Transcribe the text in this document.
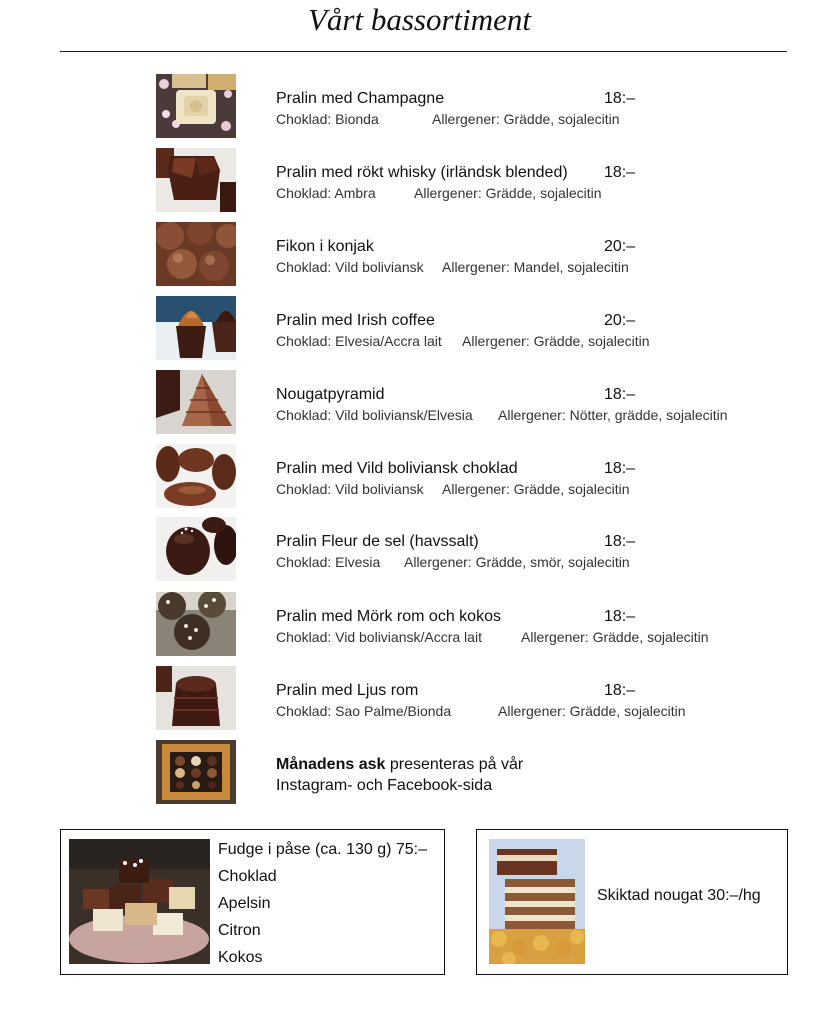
Vårt bassortiment
Pralin med Champagne	18:–
Choklad: Bionda	Allergener: Grädde, sojalecitin
Pralin med rökt whisky (irländsk blended) 18:–
Choklad: Ambra	Allergener: Grädde, sojalecitin
Fikon i konjak	20:–
Choklad: Vild boliviansk Allergener: Mandel, sojalecitin
Pralin med Irish coffee	20:–
Choklad: Elvesia/Accra lait Allergener: Grädde, sojalecitin
Nougatpyramid	18:–
Choklad: Vild boliviansk/Elvesia Allergener: Nötter, grädde, sojalecitin
Pralin med Vild boliviansk choklad	18:–
Choklad: Vild boliviansk Allergener: Grädde, sojalecitin
Pralin Fleur de sel (havssalt)	18:–
Choklad: Elvesia Allergener: Grädde, smör, sojalecitin
Pralin med Mörk rom och kokos	18:–
Choklad: Vid boliviansk/Accra lait	Allergener: Grädde, sojalecitin
Pralin med Ljus rom	18:–
Choklad: Sao Palme/Bionda	Allergener: Grädde, sojalecitin
Månadens ask presenteras på vår
Instagram- och Facebook-sida
Fudge i påse (ca. 130 g) 75:–
Choklad
Apelsin
Citron
Kokos
Skiktad nougat 30:–/hg
